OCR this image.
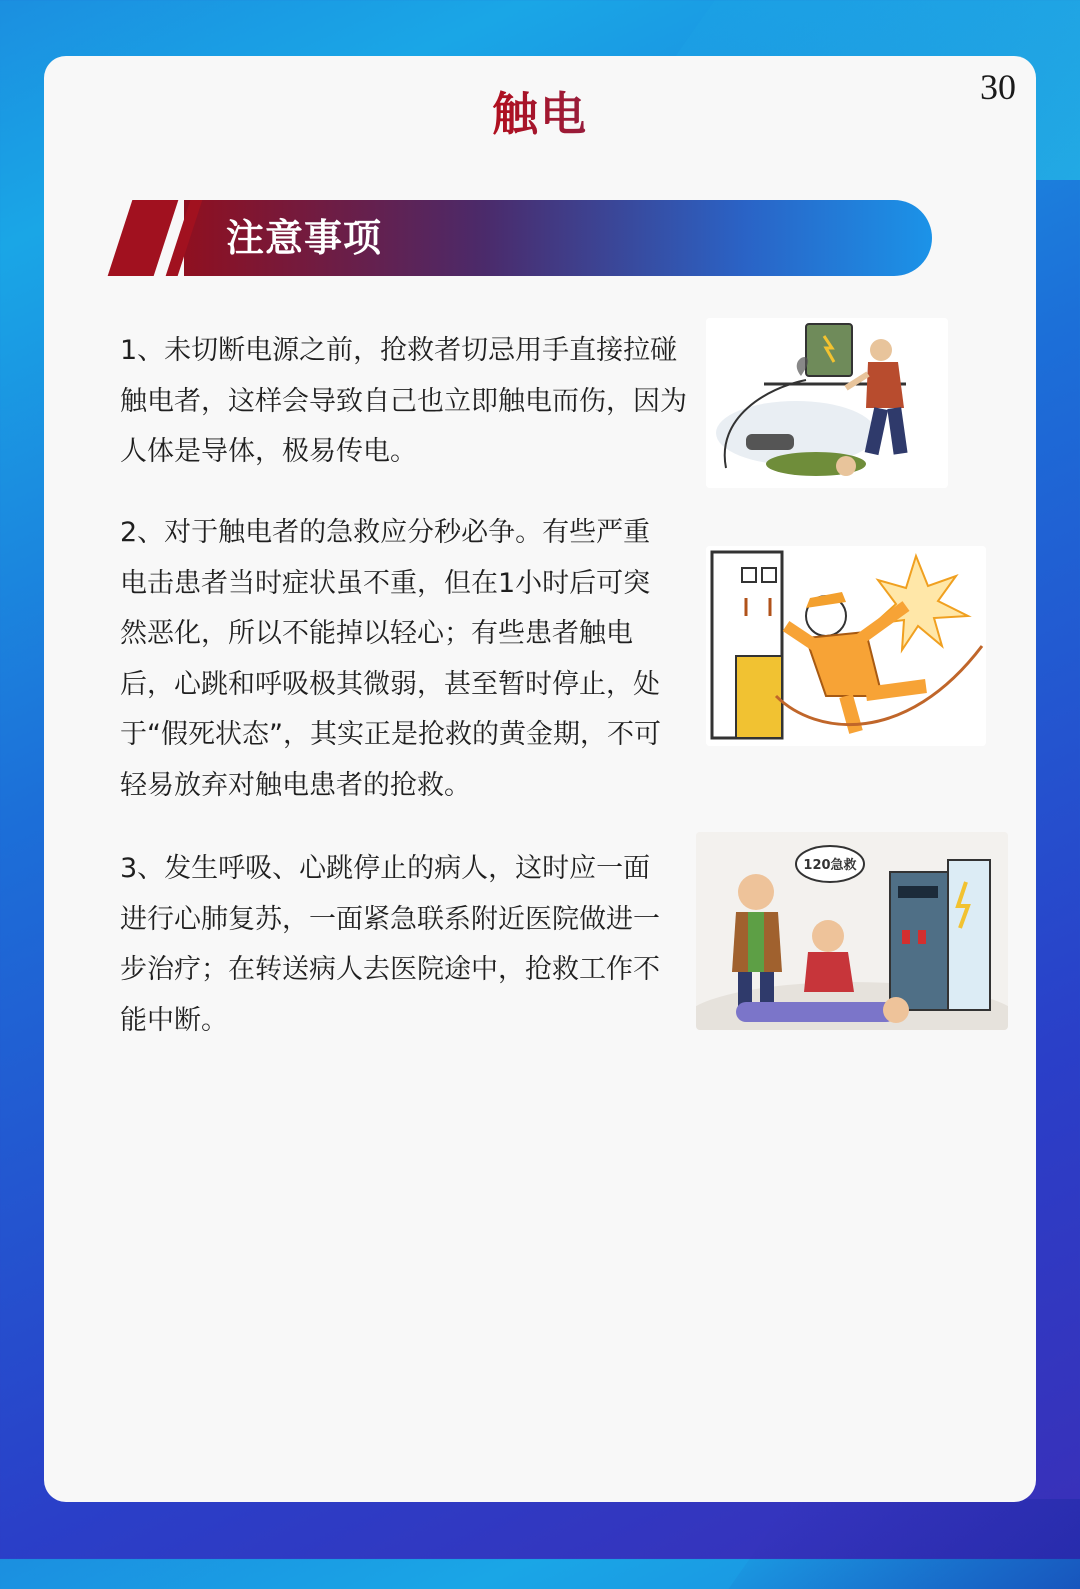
触电
注意事项
1、未切断电源之前，抢救者切忌用手直接拉碰触电者，这样会导致自己也立即触电而伤，因为人体是导体，极易传电。
2、对于触电者的急救应分秒必争。有些严重电击患者当时症状虽不重，但在1小时后可突然恶化，所以不能掉以轻心；有些患者触电后，心跳和呼吸极其微弱，甚至暂时停止，处于“假死状态”，其实正是抢救的黄金期，不可轻易放弃对触电患者的抢救。
3、发生呼吸、心跳停止的病人，这时应一面进行心肺复苏，一面紧急联系附近医院做进一步治疗；在转送病人去医院途中，抢救工作不能中断。
120急救
